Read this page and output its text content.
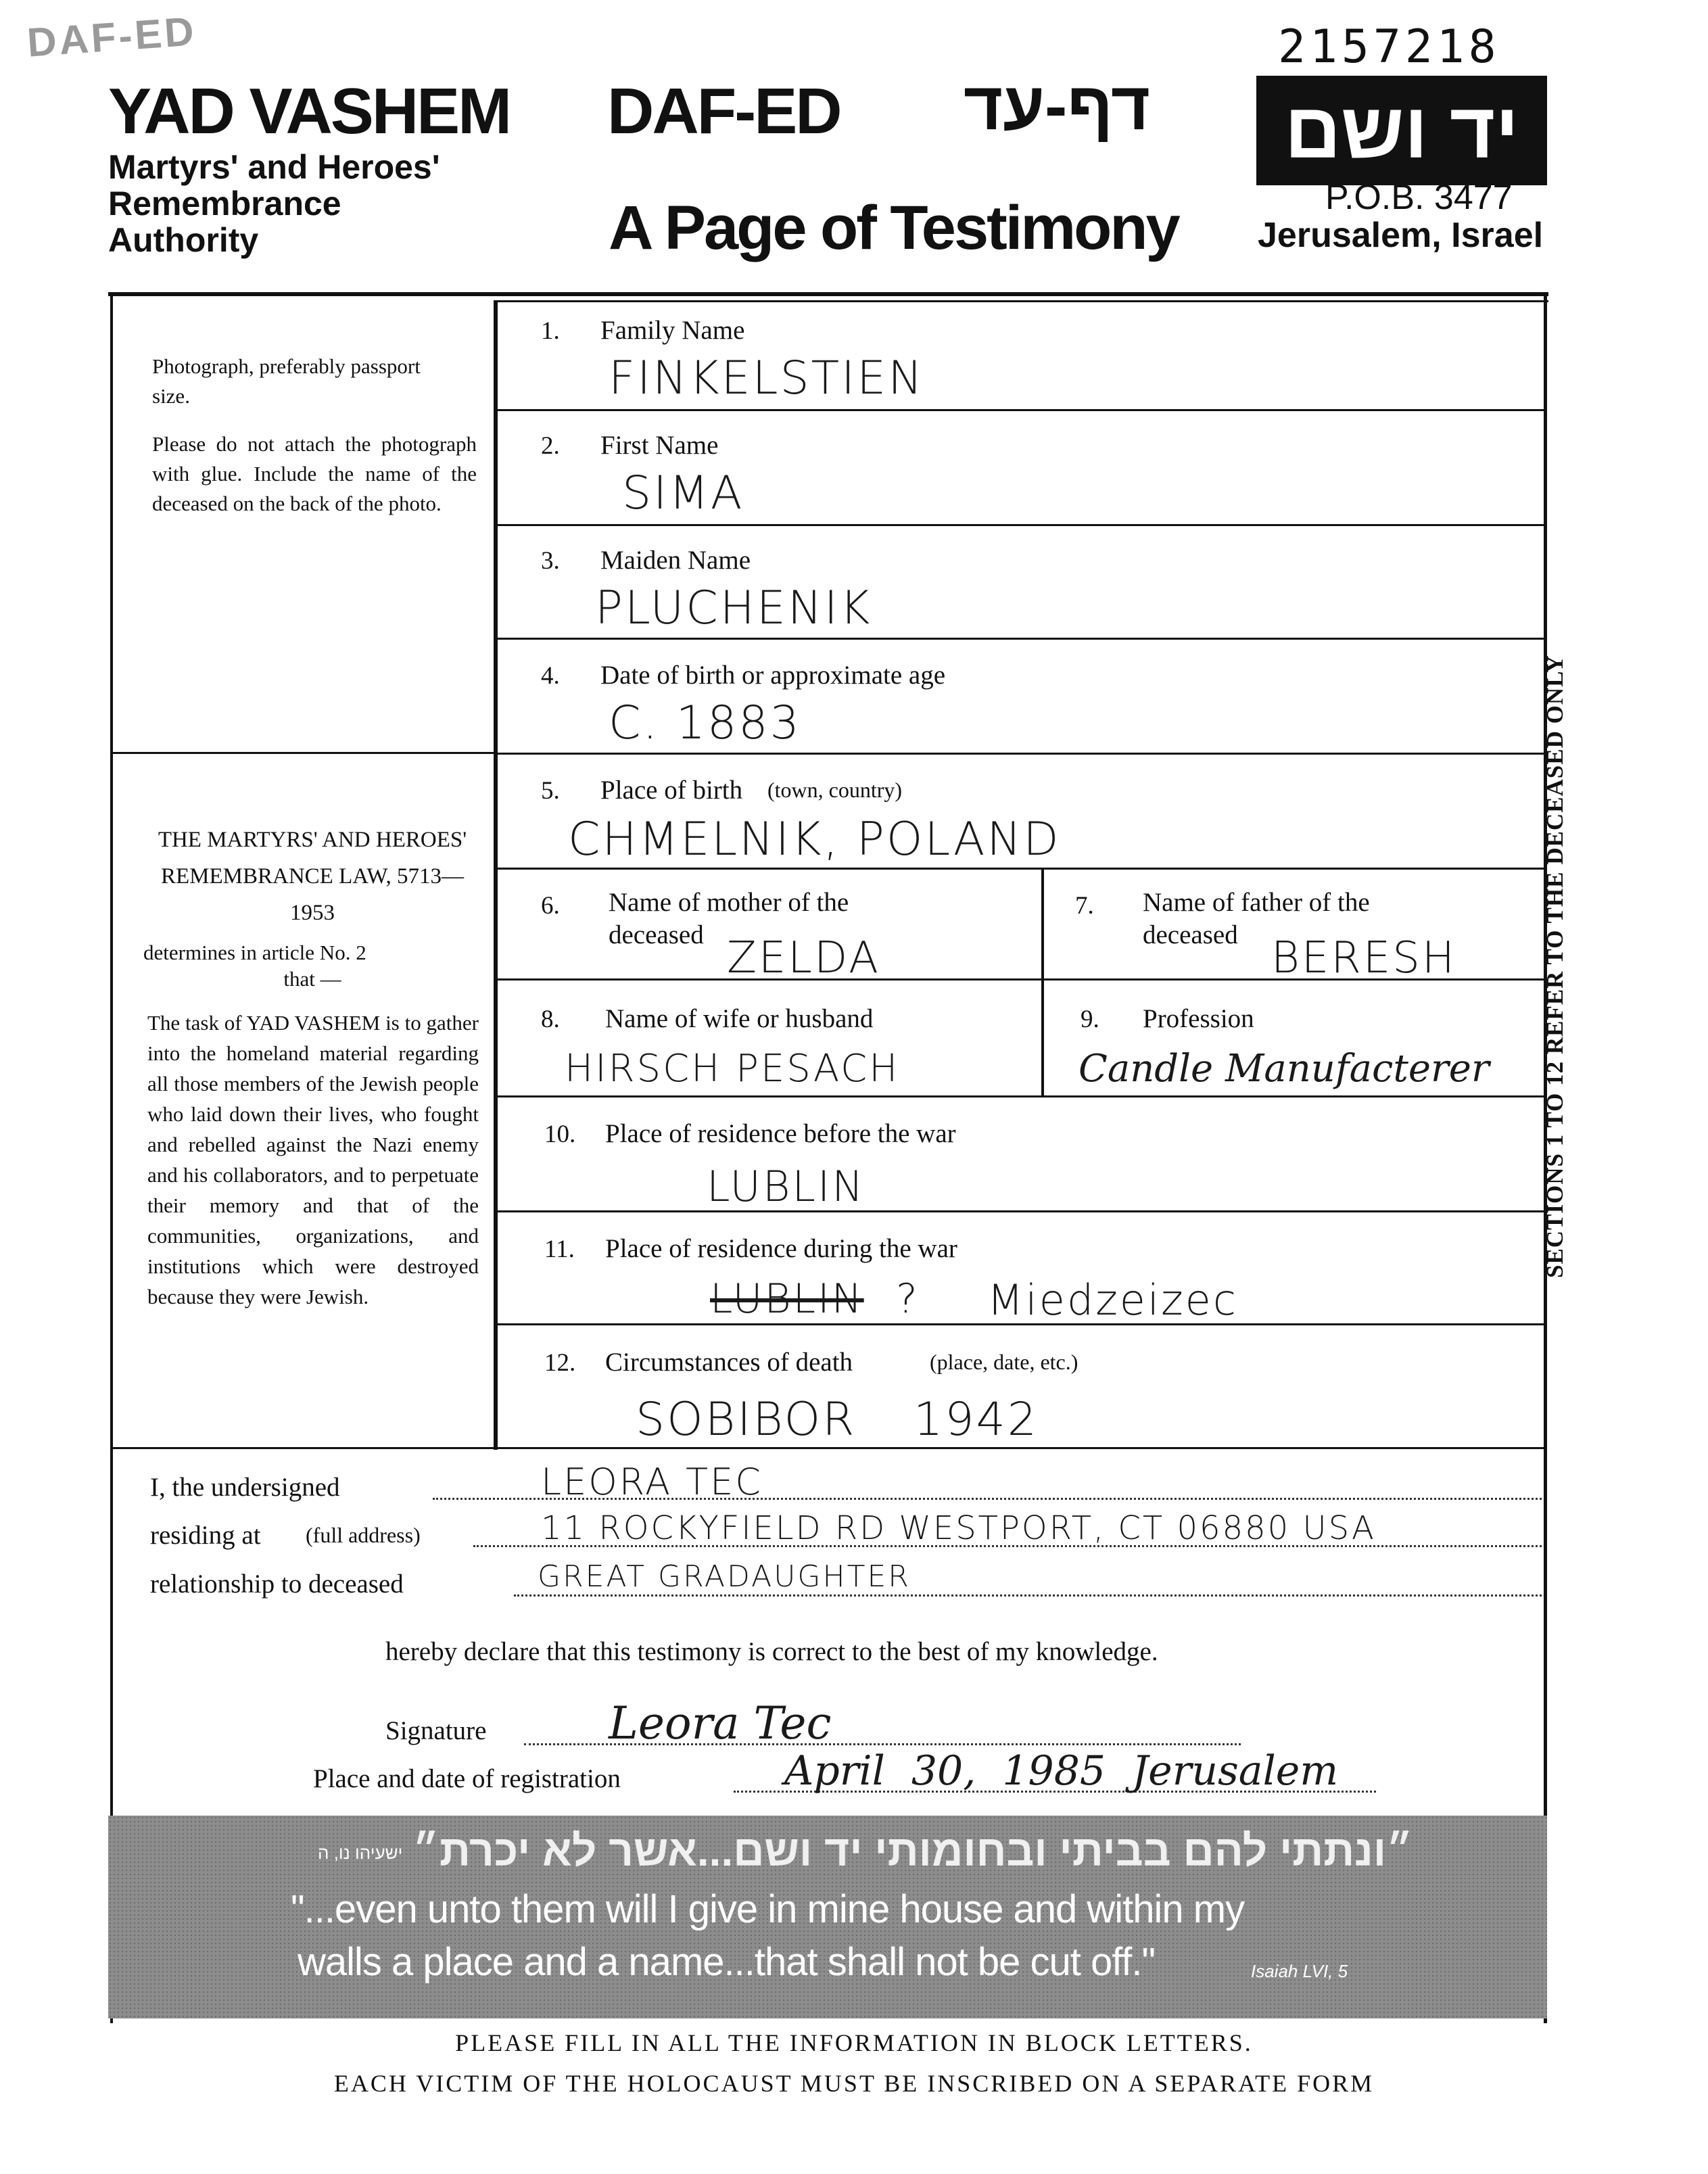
DAF-ED	2157218
YAD VASHEM
Martyrs' and Heroes'
Remembrance
Authority
DAF-ED דף-עד
A Page of Testimony
יד ושם
P.O.B. 3477
Jerusalem, Israel
Photograph, preferably passport size.
Please do not attach the photograph with glue. Include the name of the deceased on the back of the photo.
THE MARTYRS' AND HEROES' REMEMBRANCE LAW, 5713—1953
determines in article No. 2
that —
The task of YAD VASHEM is to gather into the homeland material regarding all those members of the Jewish people who laid down their lives, who fought and rebelled against the Nazi enemy and his collaborators, and to perpetuate their memory and that of the communities, organizations, and institutions which were destroyed because they were Jewish.
1. Family Name
FINKELSTIEN
2. First Name
SIMA
3. Maiden Name
PLUCHENIK
4. Date of birth or approximate age
C. 1883
5. Place of birth (town, country)
CHMELNIK, POLAND
6. Name of mother of the
deceased ZELDA
7. Name of father of the
deceased BERESH
8. Name of wife or husband
HIRSCH PESACH
9. Profession
Candle Manufacterer
10. Place of residence before the war
LUBLIN
11. Place of residence during the war
LUBLIN ? Miedzeizec
12. Circumstances of death	(place, date, etc.)
SOBIBOR 1942
SECTIONS 1 TO 12 REFER TO THE DECEASED ONLY
I, the undersigned	LEORA TEC
residing at (full address)	11 ROCKYFIELD RD WESTPORT, CT 06880 USA
relationship to deceased	GREAT GRADAUGHTER
hereby declare that this testimony is correct to the best of my knowledge.
Signature	Leora Tec
Place and date of registration	April 30, 1985 Jerusalem
״ונתתי להם בביתי ובחומותי יד ושם...אשר לא יכרת״
ישעיהו נו, ה
"...even unto them will I give in mine house and within my
walls a place and a name...that shall not be cut off."	Isaiah LVI, 5
PLEASE FILL IN ALL THE INFORMATION IN BLOCK LETTERS.
EACH VICTIM OF THE HOLOCAUST MUST BE INSCRIBED ON A SEPARATE FORM
